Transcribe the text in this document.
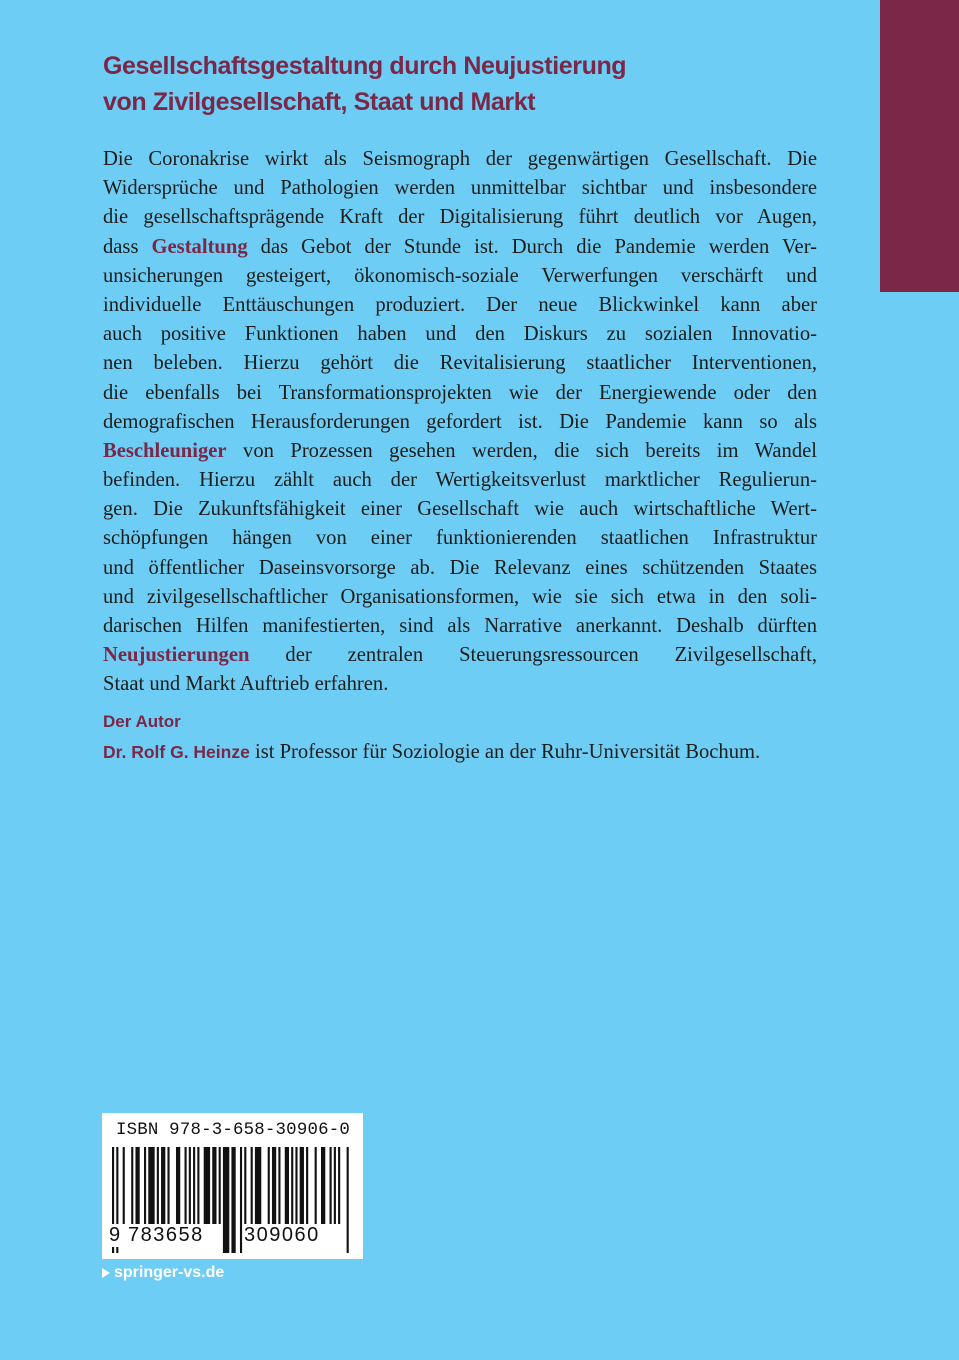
Gesellschaftsgestaltung durch Neujustierung
von Zivilgesellschaft, Staat und Markt
Die Coronakrise wirkt als Seismograph der gegenwärtigen Gesellschaft. Die
Widersprüche und Pathologien werden unmittelbar sichtbar und insbesondere
die gesellschaftsprägende Kraft der Digitalisierung führt deutlich vor Augen,
dass Gestaltung das Gebot der Stunde ist. Durch die Pandemie werden Ver-
unsicherungen gesteigert, ökonomisch-soziale Verwerfungen verschärft und
individuelle Enttäuschungen produziert. Der neue Blickwinkel kann aber
auch positive Funktionen haben und den Diskurs zu sozialen Innovatio-
nen beleben. Hierzu gehört die Revitalisierung staatlicher Interventionen,
die ebenfalls bei Transformationsprojekten wie der Energiewende oder den
demografischen Herausforderungen gefordert ist. Die Pandemie kann so als
Beschleuniger von Prozessen gesehen werden, die sich bereits im Wandel
befinden. Hierzu zählt auch der Wertigkeitsverlust marktlicher Regulierun-
gen. Die Zukunftsfähigkeit einer Gesellschaft wie auch wirtschaftliche Wert-
schöpfungen hängen von einer funktionierenden staatlichen Infrastruktur
und öffentlicher Daseinsvorsorge ab. Die Relevanz eines schützenden Staates
und zivilgesellschaftlicher Organisationsformen, wie sie sich etwa in den soli-
darischen Hilfen manifestierten, sind als Narrative anerkannt. Deshalb dürften
Neujustierungen der zentralen Steuerungsressourcen Zivilgesellschaft,
Staat und Markt Auftrieb erfahren.
Der Autor
Dr. Rolf G. Heinze ist Professor für Soziologie an der Ruhr-Universität Bochum.
ISBN 978-3-658-30906-0
9 783658 309060
springer-vs.de
